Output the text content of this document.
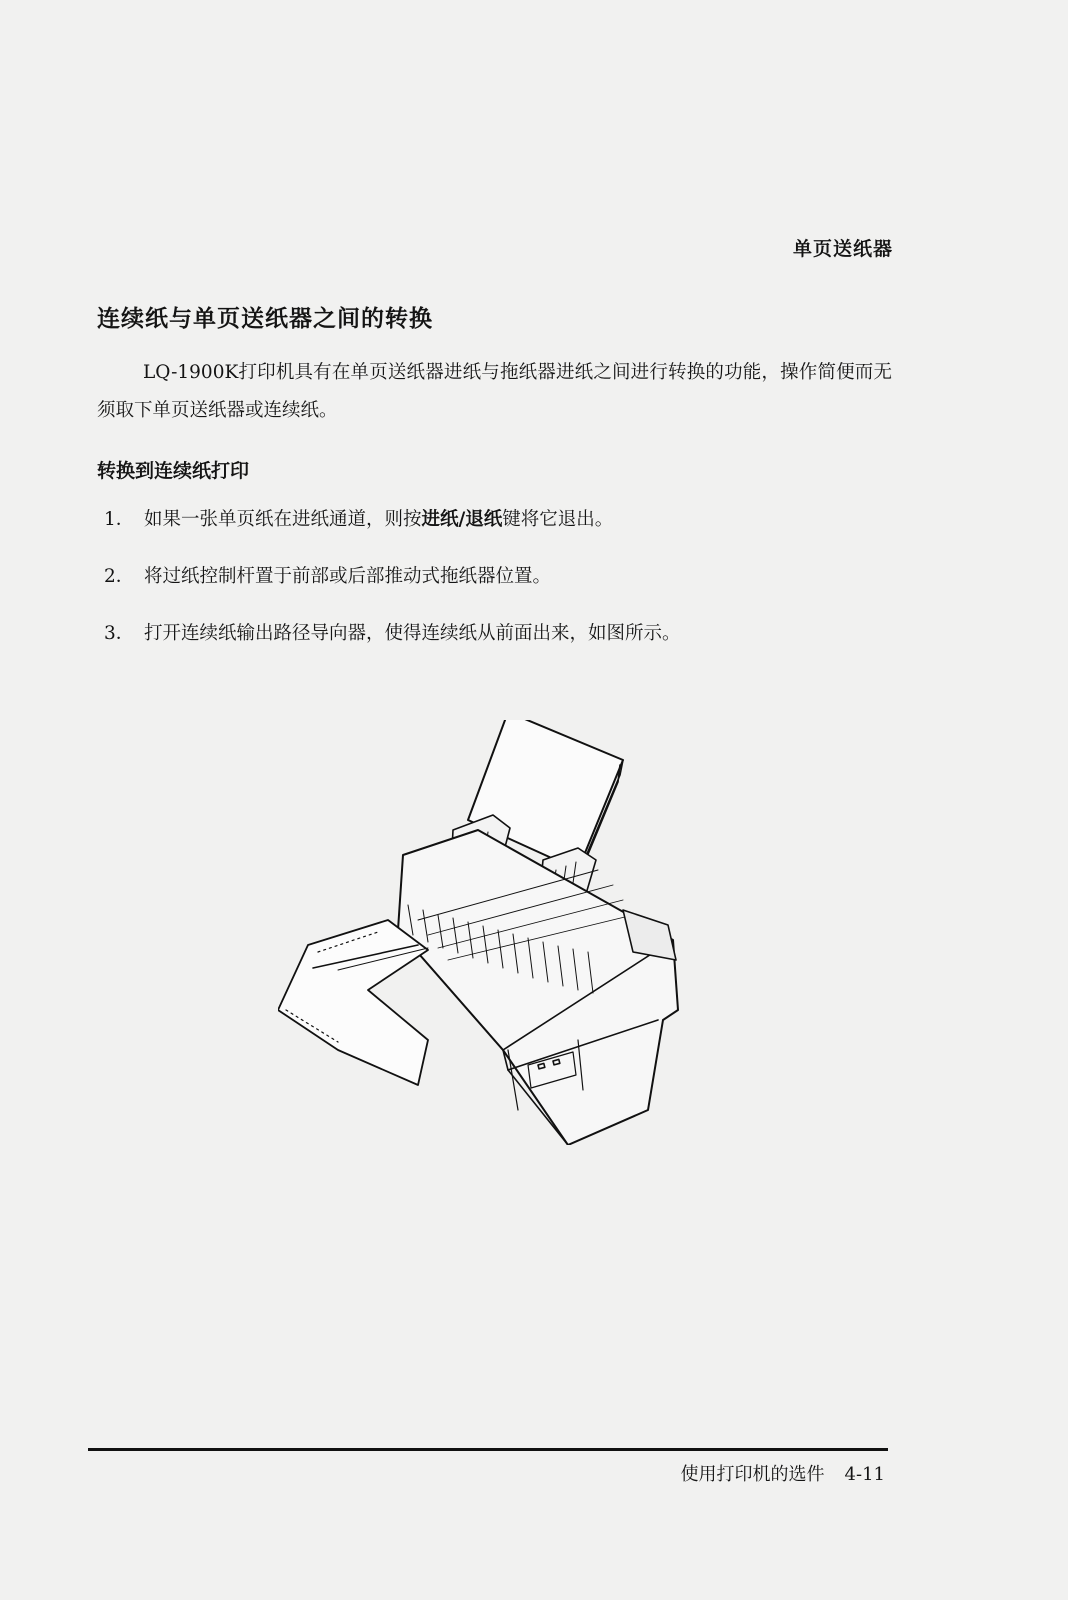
单页送纸器
连续纸与单页送纸器之间的转换
LQ-1900K打印机具有在单页送纸器进纸与拖纸器进纸之间进行转换的功能，操作简便而无须取下单页送纸器或连续纸。
转换到连续纸打印
1． 如果一张单页纸在进纸通道，则按进纸/退纸键将它退出。
2． 将过纸控制杆置于前部或后部推动式拖纸器位置。
3． 打开连续纸输出路径导向器，使得连续纸从前面出来，如图所示。
使用打印机的选件 4-11
